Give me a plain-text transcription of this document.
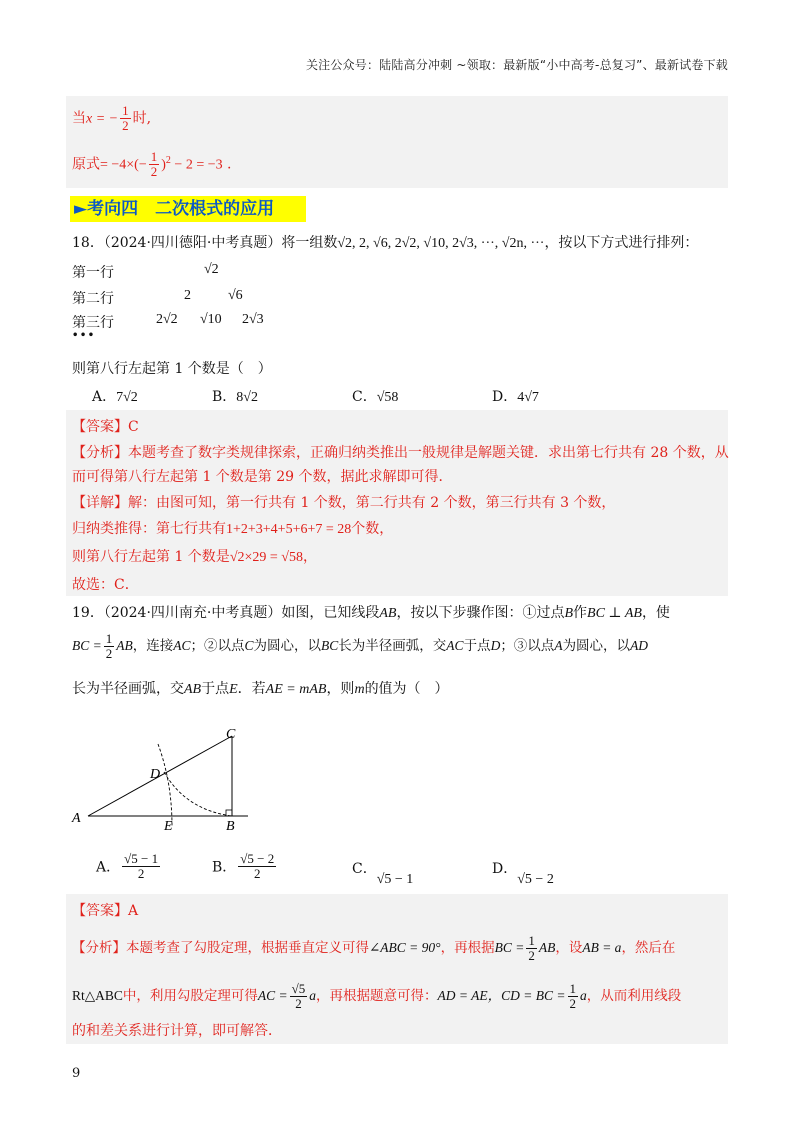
关注公众号：陆陆高分冲刺 ~领取：最新版“小中高考-总复习”、最新试卷下载
当x = − $\frac{1}{2}$ 时,
原式= $-4\times(- \frac{1}{2} )^2 - 2 = -3$ .
►考向四　二次根式的应用
18．（2024·四川德阳·中考真题）将一组数√2, 2, √6, 2√2, √10, 2√3, ···, √2n, ···，按以下方式进行排列：
第一行	√2
第二行	2	√6
第三行	2√2 √10 2√3
• • •
则第八行左起第 1 个数是（　）
A．7√2	B．8√2	C．√58	D．4√7
【答案】C
【分析】本题考查了数字类规律探索，正确归纳类推出一般规律是解题关键．求出第七行共有 28 个数，从
而可得第八行左起第 1 个数是第 29 个数，据此求解即可得．
【详解】解：由图可知，第一行共有 1 个数，第二行共有 2 个数，第三行共有 3 个数，
归纳类推得：第七行共有1+2+3+4+5+6+7 = 28个数，
则第八行左起第 1 个数是√2×29 = √58，
故选：C．
19．（2024·四川南充·中考真题）如图，已知线段AB，按以下步骤作图：①过点B作BC ⊥ AB，使
BC = $\frac{1}{2}$ AB，连接AC；②以点C为圆心，以BC长为半径画弧，交AC于点D；③以点A为圆心，以AD
长为半径画弧，交AB于点E．若AE = mAB，则m的值为（　）
A
B
C
D
E
A． $\frac{√5 - 1}{2}$	B． $\frac{√5 - 2}{2}$	C．√5 − 1
D．√5 − 2
【答案】A
【分析】本题考查了勾股定理，根据垂直定义可得∠ABC = 90°，再根据BC = $\frac{1}{2}$ AB，设AB = a，然后在
Rt△ABC中，利用勾股定理可得AC = $\frac{√5}{2}$ a，再根据题意可得：AD = AE，CD = BC = $\frac{1}{2}$ a，从而利用线段
的和差关系进行计算，即可解答．
9
